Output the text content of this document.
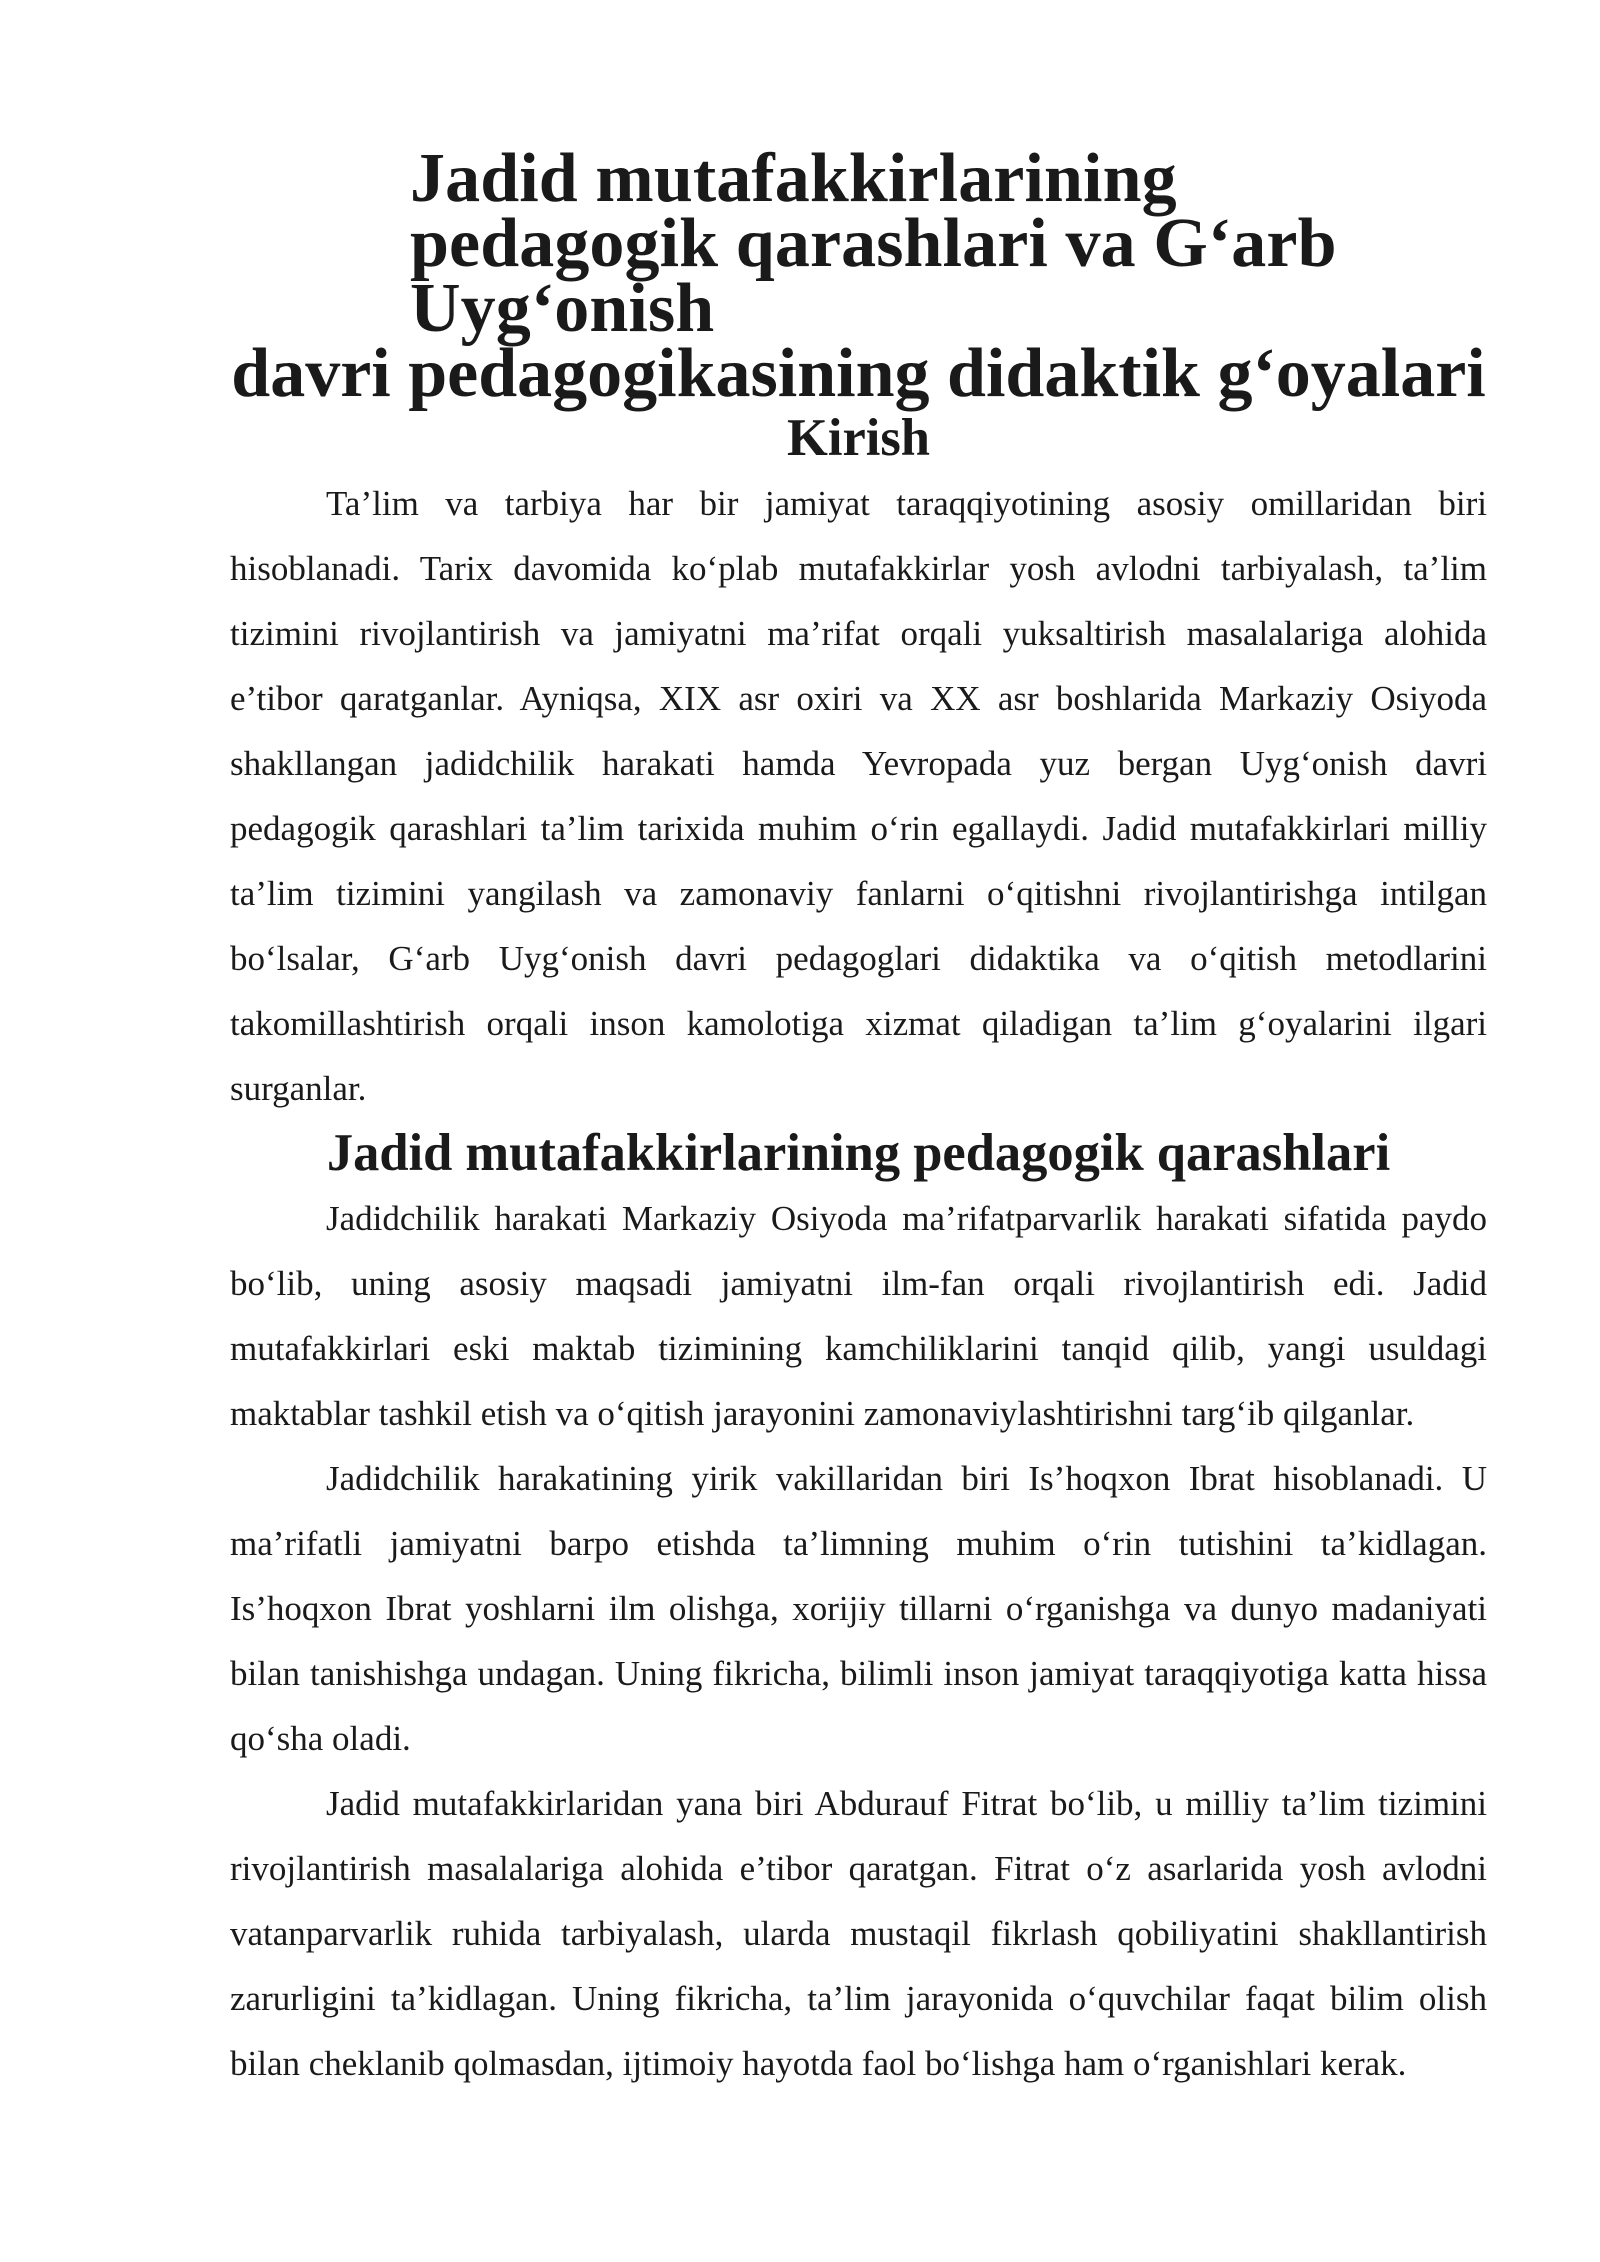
Jadid mutafakkirlarining pedagogik qarashlari va G‘arb Uyg‘onish
davri pedagogikasining didaktik g‘oyalari
Kirish

Ta’lim va tarbiya har bir jamiyat taraqqiyotining asosiy omillaridan biri hisoblanadi. Tarix davomida ko‘plab mutafakkirlar yosh avlodni tarbiyalash, ta’lim tizimini rivojlantirish va jamiyatni ma’rifat orqali yuksaltirish masalalariga alohida e’tibor qaratganlar. Ayniqsa, XIX asr oxiri va XX asr boshlarida Markaziy Osiyoda shakllangan jadidchilik harakati hamda Yevropada yuz bergan Uyg‘onish davri pedagogik qarashlari ta’lim tarixida muhim o‘rin egallaydi. Jadid mutafakkirlari milliy ta’lim tizimini yangilash va zamonaviy fanlarni o‘qitishni rivojlantirishga intilgan bo‘lsalar, G‘arb Uyg‘onish davri pedagoglari didaktika va o‘qitish metodlarini takomillashtirish orqali inson kamolotiga xizmat qiladigan ta’lim g‘oyalarini ilgari surganlar.

Jadid mutafakkirlarining pedagogik qarashlari

Jadidchilik harakati Markaziy Osiyoda ma’rifatparvarlik harakati sifatida paydo bo‘lib, uning asosiy maqsadi jamiyatni ilm-fan orqali rivojlantirish edi. Jadid mutafakkirlari eski maktab tizimining kamchiliklarini tanqid qilib, yangi usuldagi maktablar tashkil etish va o‘qitish jarayonini zamonaviylashtirishni targ‘ib qilganlar.

Jadidchilik harakatining yirik vakillaridan biri Is’hoqxon Ibrat hisoblanadi. U ma’rifatli jamiyatni barpo etishda ta’limning muhim o‘rin tutishini ta’kidlagan. Is’hoqxon Ibrat yoshlarni ilm olishga, xorijiy tillarni o‘rganishga va dunyo madaniyati bilan tanishishga undagan. Uning fikricha, bilimli inson jamiyat taraqqiyotiga katta hissa qo‘sha oladi.

Jadid mutafakkirlaridan yana biri Abdurauf Fitrat bo‘lib, u milliy ta’lim tizimini rivojlantirish masalalariga alohida e’tibor qaratgan. Fitrat o‘z asarlarida yosh avlodni vatanparvarlik ruhida tarbiyalash, ularda mustaqil fikrlash qobiliyatini shakllantirish zarurligini ta’kidlagan. Uning fikricha, ta’lim jarayonida o‘quvchilar faqat bilim olish bilan cheklanib qolmasdan, ijtimoiy hayotda faol bo‘lishga ham o‘rganishlari kerak.
